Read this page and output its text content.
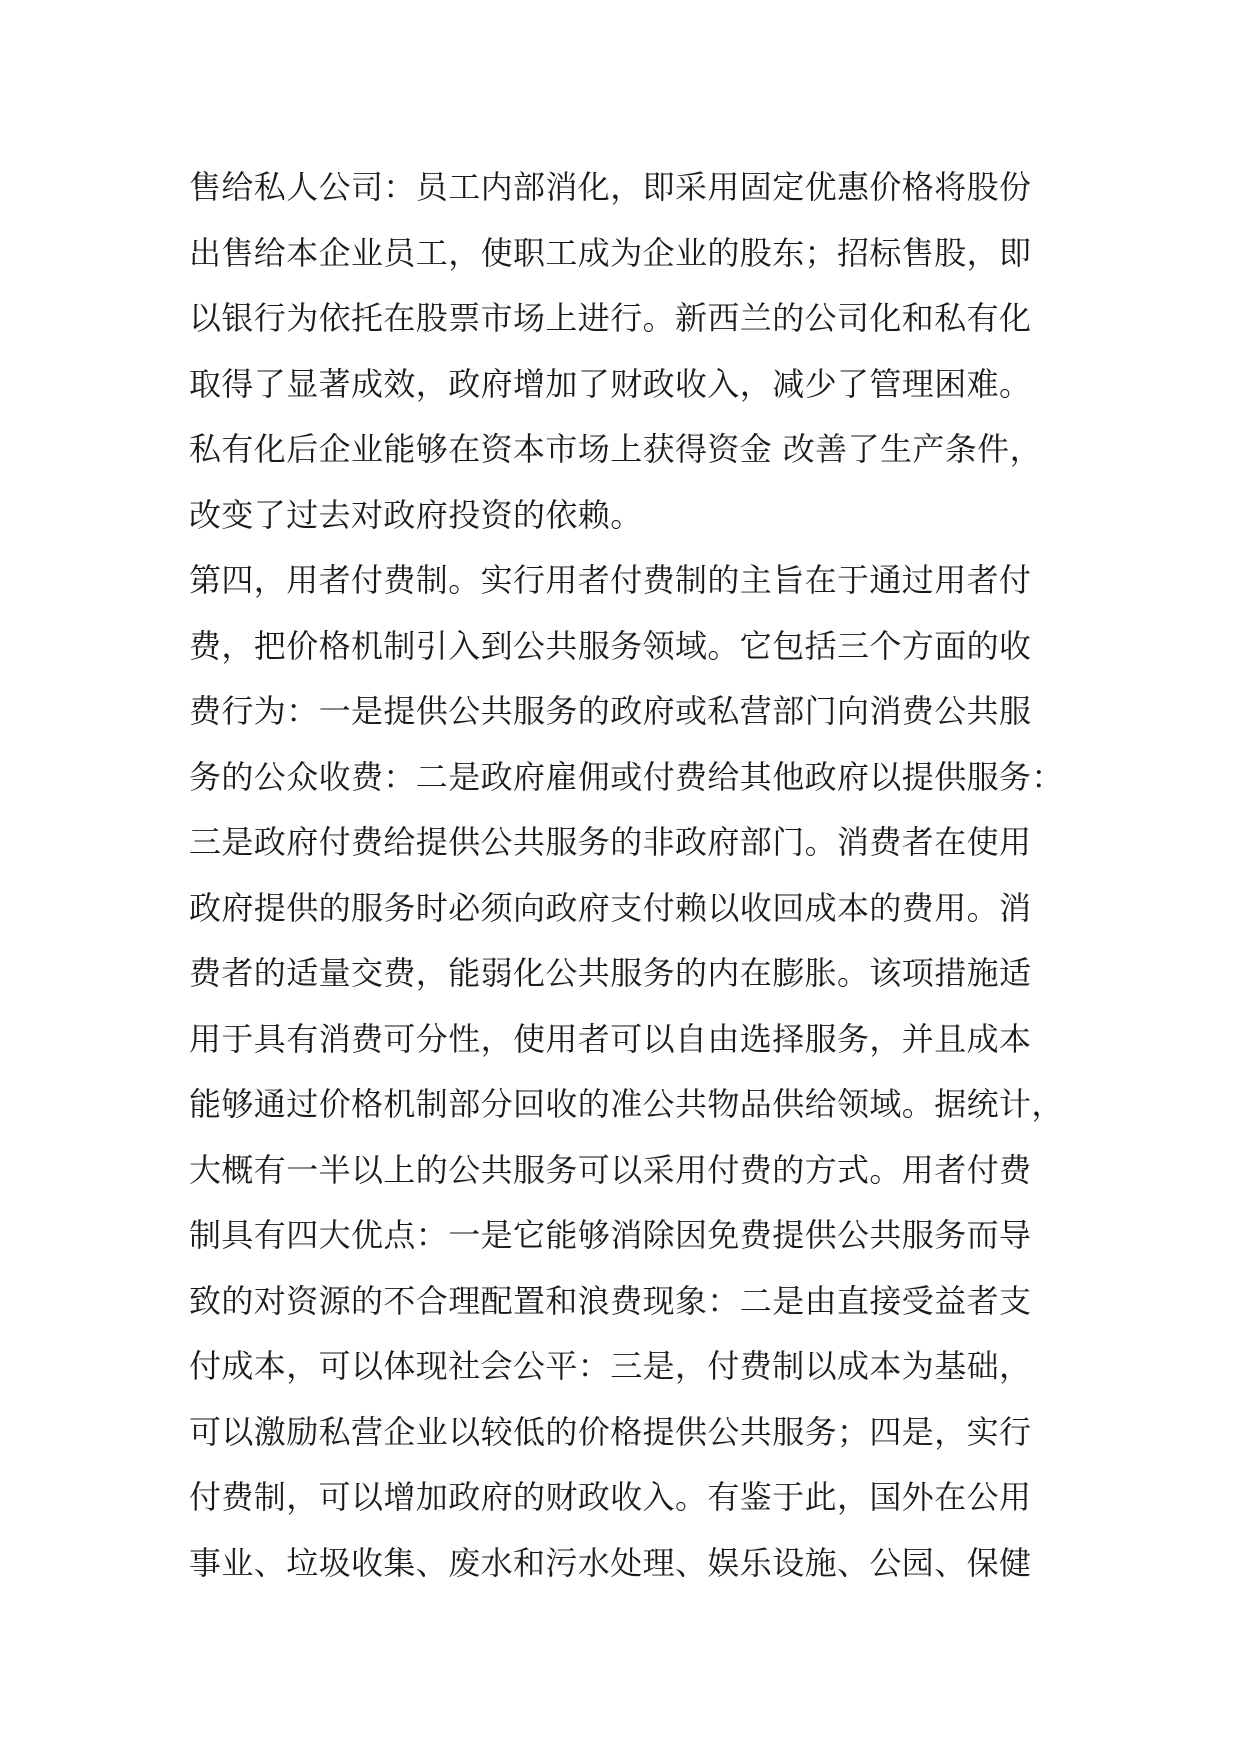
售给私人公司：员工内部消化，即采用固定优惠价格将股份
出售给本企业员工，使职工成为企业的股东；招标售股，即
以银行为依托在股票市场上进行。新西兰的公司化和私有化
取得了显著成效，政府增加了财政收入，减少了管理困难。
私有化后企业能够在资本市场上获得资金 改善了生产条件，
改变了过去对政府投资的依赖。
第四，用者付费制。实行用者付费制的主旨在于通过用者付
费，把价格机制引入到公共服务领域。它包括三个方面的收
费行为：一是提供公共服务的政府或私营部门向消费公共服
务的公众收费：二是政府雇佣或付费给其他政府以提供服务：
三是政府付费给提供公共服务的非政府部门。消费者在使用
政府提供的服务时必须向政府支付赖以收回成本的费用。消
费者的适量交费，能弱化公共服务的内在膨胀。该项措施适
用于具有消费可分性，使用者可以自由选择服务，并且成本
能够通过价格机制部分回收的准公共物品供给领域。据统计，
大概有一半以上的公共服务可以采用付费的方式。用者付费
制具有四大优点：一是它能够消除因免费提供公共服务而导
致的对资源的不合理配置和浪费现象：二是由直接受益者支
付成本，可以体现社会公平：三是，付费制以成本为基础，
可以激励私营企业以较低的价格提供公共服务；四是，实行
付费制，可以增加政府的财政收入。有鉴于此，国外在公用
事业、垃圾收集、废水和污水处理、娱乐设施、公园、保健
